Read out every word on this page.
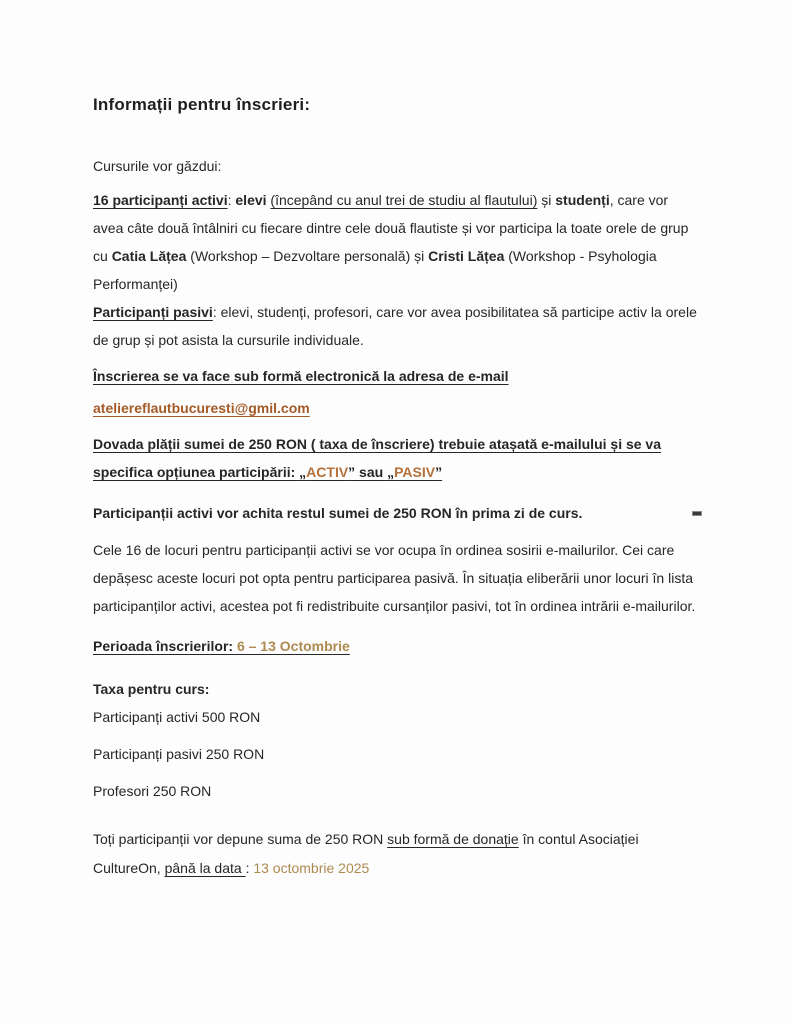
Informații pentru înscrieri:

Cursurile vor găzdui:

16 participanți activi: elevi (începând cu anul trei de studiu al flautului) și studenți, care vor avea câte două întâlniri cu fiecare dintre cele două flautiste și vor participa la toate orele de grup cu Catia Lățea (Workshop – Dezvoltare personală) și Cristi Lățea (Workshop - Psyhologia Performanței)

Participanți pasivi: elevi, studenți, profesori, care vor avea posibilitatea să participe activ la orele de grup și pot asista la cursurile individuale.

Înscrierea se va face sub formă electronică la adresa de e-mail

ateliereflautbucuresti@gmil.com

Dovada plății sumei de 250 RON ( taxa de înscriere) trebuie atașată e-mailului și se va specifica opțiunea participării: „ACTIV” sau „PASIV”

Participanții activi vor achita restul sumei de 250 RON în prima zi de curs.

Cele 16 de locuri pentru participanții activi se vor ocupa în ordinea sosirii e-mailurilor. Cei care depășesc aceste locuri pot opta pentru participarea pasivă. În situația eliberării unor locuri în lista participanților activi, acestea pot fi redistribuite cursanților pasivi, tot în ordinea intrării e-mailurilor.

Perioada înscrierilor: 6 – 13 Octombrie

Taxa pentru curs:

Participanți activi 500 RON

Participanți pasivi 250 RON

Profesori 250 RON

Toți participanții vor depune suma de 250 RON sub formă de donație în contul Asociației CultureOn, până la data : 13 octombrie 2025
